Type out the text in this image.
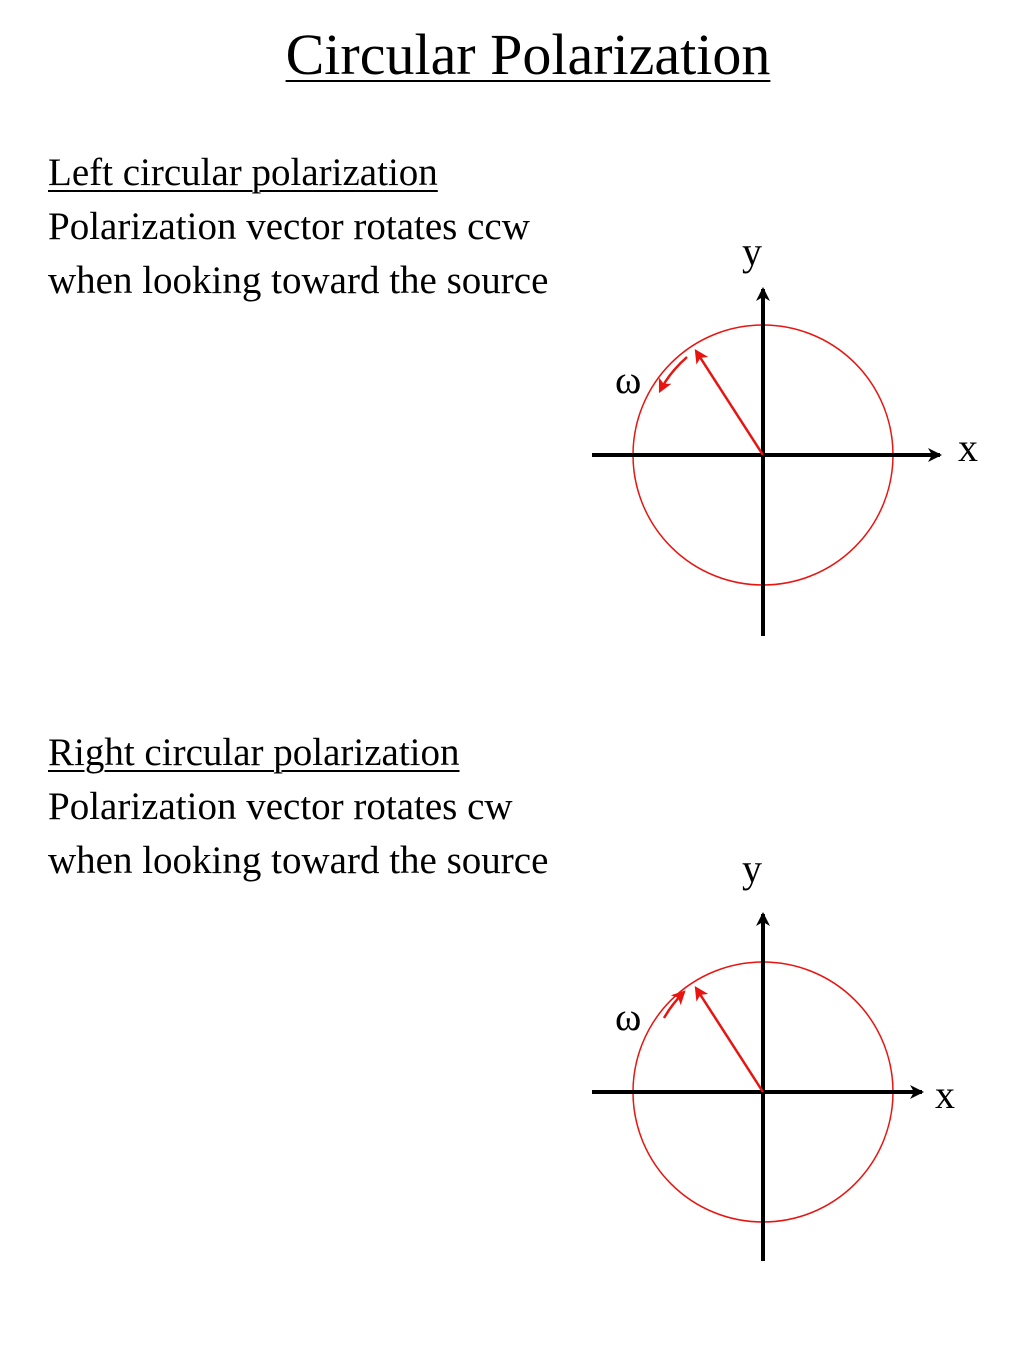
Circular Polarization
Left circular polarization
Polarization vector rotates ccw
when looking toward the source
x
y
ω
Right circular polarization
Polarization vector rotates cw
when looking toward the source
x
y
ω
